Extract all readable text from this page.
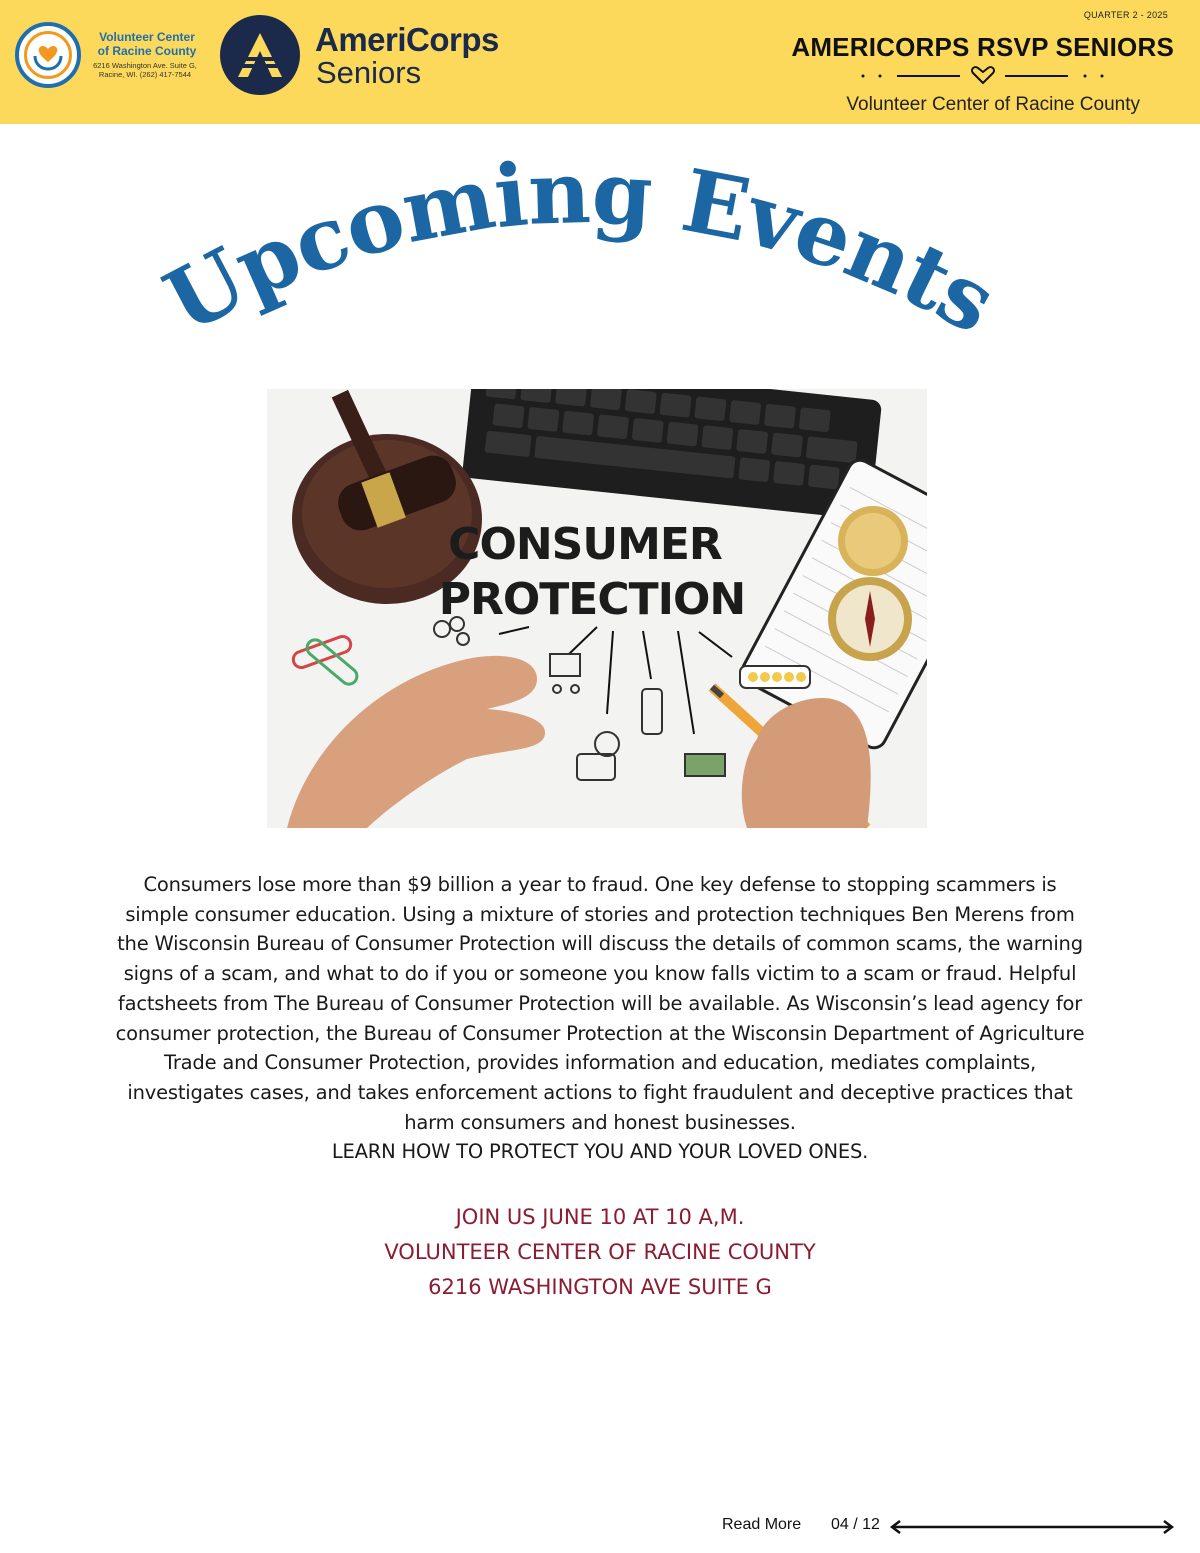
Volunteer Center
of Racine County
6216 Washington Ave. Suite G,
Racine, WI. (262) 417-7544
AmeriCorps
Seniors
QUARTER 2 - 2025
AMERICORPS RSVP SENIORS
Volunteer Center of Racine County
Upcoming Events
CONSUMER
PROTECTION
Consumers lose more than $9 billion a year to fraud. One key defense to stopping scammers is
simple consumer education. Using a mixture of stories and protection techniques Ben Merens from
the Wisconsin Bureau of Consumer Protection will discuss the details of common scams, the warning
signs of a scam, and what to do if you or someone you know falls victim to a scam or fraud. Helpful
factsheets from The Bureau of Consumer Protection will be available. As Wisconsin’s lead agency for
consumer protection, the Bureau of Consumer Protection at the Wisconsin Department of Agriculture
Trade and Consumer Protection, provides information and education, mediates complaints,
investigates cases, and takes enforcement actions to fight fraudulent and deceptive practices that
harm consumers and honest businesses.
LEARN HOW TO PROTECT YOU AND YOUR LOVED ONES.
JOIN US JUNE 10 AT 10 A,M.
VOLUNTEER CENTER OF RACINE COUNTY
6216 WASHINGTON AVE SUITE G
Read More 04 / 12
